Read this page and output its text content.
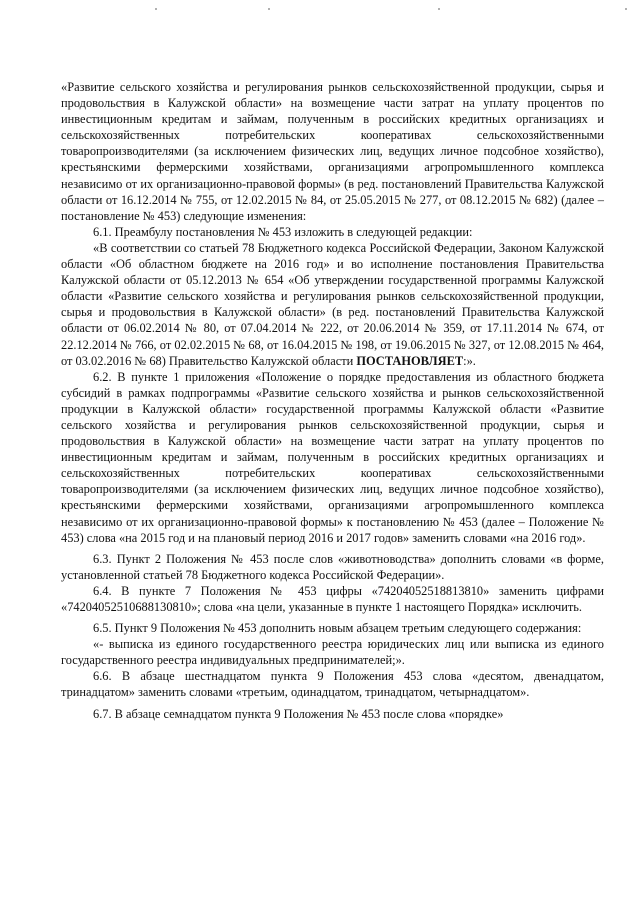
«Развитие сельского хозяйства и регулирования рынков сельскохозяйственной продукции, сырья и продовольствия в Калужской области» на возмещение части затрат на уплату процентов по инвестиционным кредитам и займам, полученным в российских кредитных организациях и сельскохозяйственных потребительских кооперативах сельскохозяйственными товаропроизводителями (за исключением физических лиц, ведущих личное подсобное хозяйство), крестьянскими фермерскими хозяйствами, организациями агропромышленного комплекса независимо от их организационно-правовой формы» (в ред. постановлений Правительства Калужской области от 16.12.2014 № 755, от 12.02.2015 № 84, от 25.05.2015 № 277, от 08.12.2015 № 682) (далее – постановление № 453) следующие изменения:

6.1. Преамбулу постановления № 453 изложить в следующей редакции:

«В соответствии со статьей 78 Бюджетного кодекса Российской Федерации, Законом Калужской области «Об областном бюджете на 2016 год» и во исполнение постановления Правительства Калужской области от 05.12.2013 № 654 «Об утверждении государственной программы Калужской области «Развитие сельского хозяйства и регулирования рынков сельскохозяйственной продукции, сырья и продовольствия в Калужской области» (в ред. постановлений Правительства Калужской области от 06.02.2014 № 80, от 07.04.2014 № 222, от 20.06.2014 № 359, от 17.11.2014 № 674, от 22.12.2014 № 766, от 02.02.2015 № 68, от 16.04.2015 № 198, от 19.06.2015 № 327, от 12.08.2015 № 464, от 03.02.2016 № 68) Правительство Калужской области ПОСТАНОВЛЯЕТ:».

6.2. В пункте 1 приложения «Положение о порядке предоставления из областного бюджета субсидий в рамках подпрограммы «Развитие сельского хозяйства и рынков сельскохозяйственной продукции в Калужской области» государственной программы Калужской области «Развитие сельского хозяйства и регулирования рынков сельскохозяйственной продукции, сырья и продовольствия в Калужской области» на возмещение части затрат на уплату процентов по инвестиционным кредитам и займам, полученным в российских кредитных организациях и сельскохозяйственных потребительских кооперативах сельскохозяйственными товаропроизводителями (за исключением физических лиц, ведущих личное подсобное хозяйство), крестьянскими фермерскими хозяйствами, организациями агропромышленного комплекса независимо от их организационно-правовой формы» к постановлению № 453 (далее – Положение № 453) слова «на 2015 год и на плановый период 2016 и 2017 годов» заменить словами «на 2016 год».

6.3. Пункт 2 Положения № 453 после слов «животноводства» дополнить словами «в форме, установленной статьей 78 Бюджетного кодекса Российской Федерации».

6.4. В пункте 7 Положения № 453 цифры «74204052518813810» заменить цифрами «74204052510688130810»; слова «на цели, указанные в пункте 1 настоящего Порядка» исключить.

6.5. Пункт 9 Положения № 453 дополнить новым абзацем третьим следующего содержания:

«- выписка из единого государственного реестра юридических лиц или выписка из единого государственного реестра индивидуальных предпринимателей;».

6.6. В абзаце шестнадцатом пункта 9 Положения 453 слова «десятом, двенадцатом, тринадцатом» заменить словами «третьим, одинадцатом, тринадцатом, четырнадцатом».

6.7. В абзаце семнадцатом пункта 9 Положения № 453 после слова «порядке»
